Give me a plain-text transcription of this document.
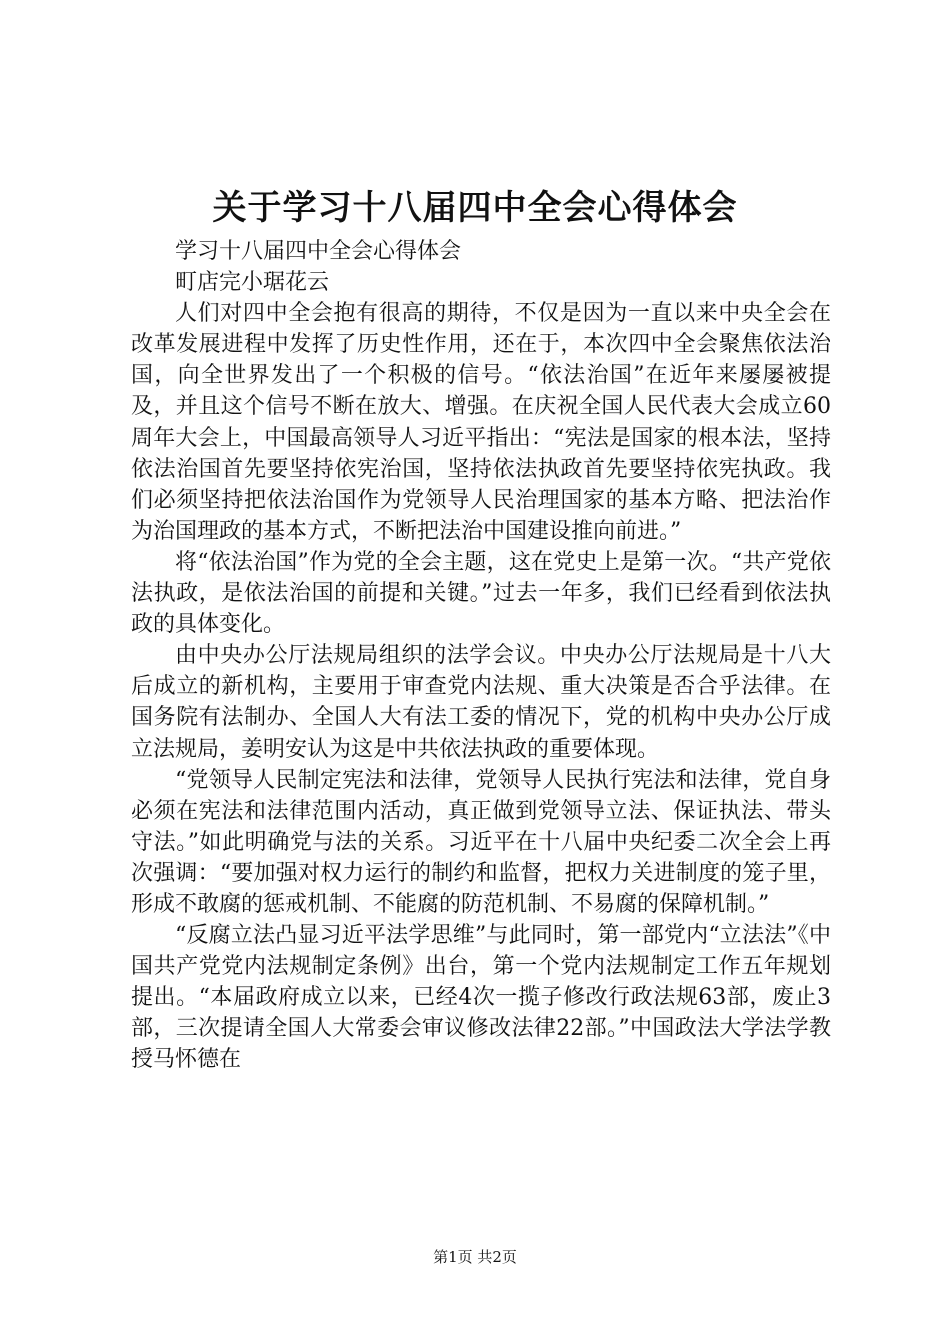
关于学习十八届四中全会心得体会

学习十八届四中全会心得体会

町店完小琚花云

人们对四中全会抱有很高的期待，不仅是因为一直以来中央全会在改革发展进程中发挥了历史性作用，还在于，本次四中全会聚焦依法治国，向全世界发出了一个积极的信号。“依法治国”在近年来屡屡被提及，并且这个信号不断在放大、增强。在庆祝全国人民代表大会成立60周年大会上，中国最高领导人习近平指出：“宪法是国家的根本法，坚持依法治国首先要坚持依宪治国，坚持依法执政首先要坚持依宪执政。我们必须坚持把依法治国作为党领导人民治理国家的基本方略、把法治作为治国理政的基本方式，不断把法治中国建设推向前进。”

将“依法治国”作为党的全会主题，这在党史上是第一次。“共产党依法执政，是依法治国的前提和关键。”过去一年多，我们已经看到依法执政的具体变化。

由中央办公厅法规局组织的法学会议。中央办公厅法规局是十八大后成立的新机构，主要用于审查党内法规、重大决策是否合乎法律。在国务院有法制办、全国人大有法工委的情况下，党的机构中央办公厅成立法规局，姜明安认为这是中共依法执政的重要体现。

“党领导人民制定宪法和法律，党领导人民执行宪法和法律，党自身必须在宪法和法律范围内活动，真正做到党领导立法、保证执法、带头守法。”如此明确党与法的关系。习近平在十八届中央纪委二次全会上再次强调：“要加强对权力运行的制约和监督，把权力关进制度的笼子里，形成不敢腐的惩戒机制、不能腐的防范机制、不易腐的保障机制。”

“反腐立法凸显习近平法学思维”与此同时，第一部党内“立法法”《中国共产党党内法规制定条例》出台，第一个党内法规制定工作五年规划提出。“本届政府成立以来，已经4次一揽子修改行政法规63部，废止3部，三次提请全国人大常委会审议修改法律22部。”中国政法大学法学教授马怀德在

第1页 共2页
